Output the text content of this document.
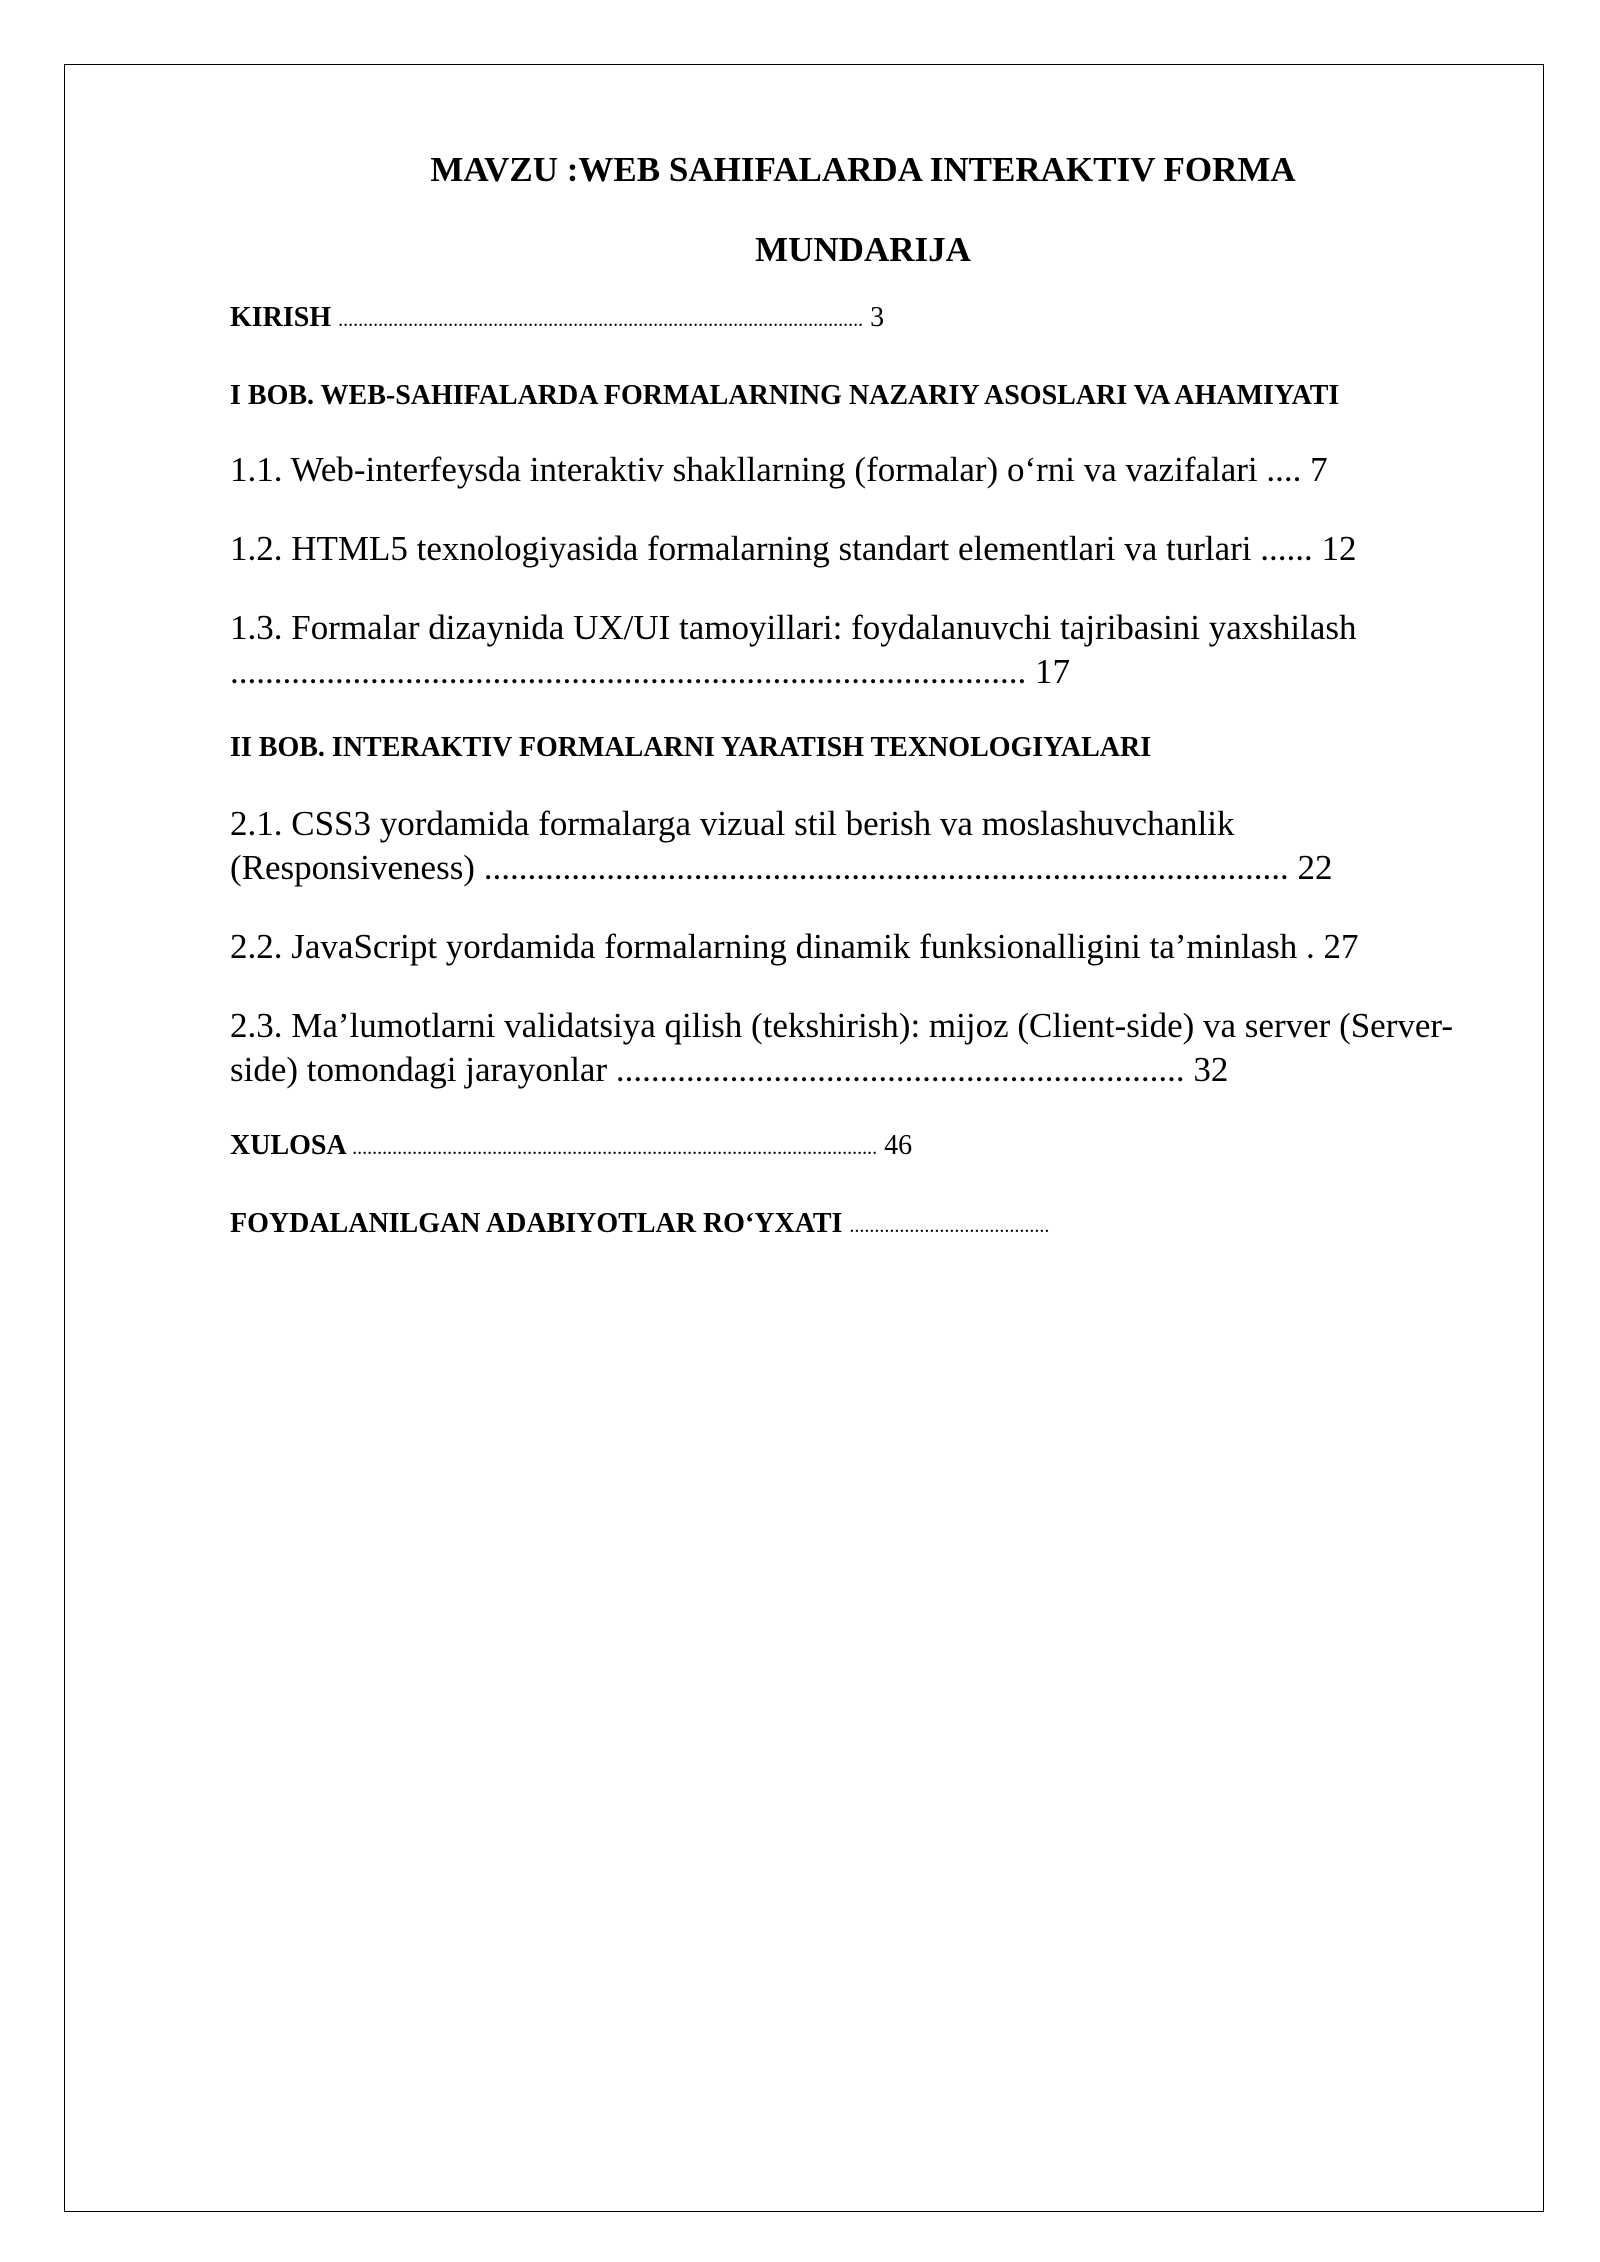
MAVZU :WEB SAHIFALARDA INTERAKTIV FORMA

MUNDARIJA

KIRISH ......................................................................................................... 3
I BOB. WEB-SAHIFALARDA FORMALARNING NAZARIY ASOSLARI VA AHAMIYATI
1.1. Web-interfeysda interaktiv shakllarning (formalar) o‘rni va vazifalari .... 7
1.2. HTML5 texnologiyasida formalarning standart elementlari va turlari ...... 12
1.3. Formalar dizaynida UX/UI tamoyillari: foydalanuvchi tajribasini yaxshilash ........................................................................................... 17
II BOB. INTERAKTIV FORMALARNI YARATISH TEXNOLOGIYALARI
2.1. CSS3 yordamida formalarga vizual stil berish va moslashuvchanlik (Responsiveness) ............................................................................................ 22
2.2. JavaScript yordamida formalarning dinamik funksionalligini ta’minlash . 27
2.3. Ma’lumotlarni validatsiya qilish (tekshirish): mijoz (Client-side) va server (Server-side) tomondagi jarayonlar ................................................................. 32
XULOSA ......................................................................................................... 46
FOYDALANILGAN ADABIYOTLAR RO‘YXATI ........................................
